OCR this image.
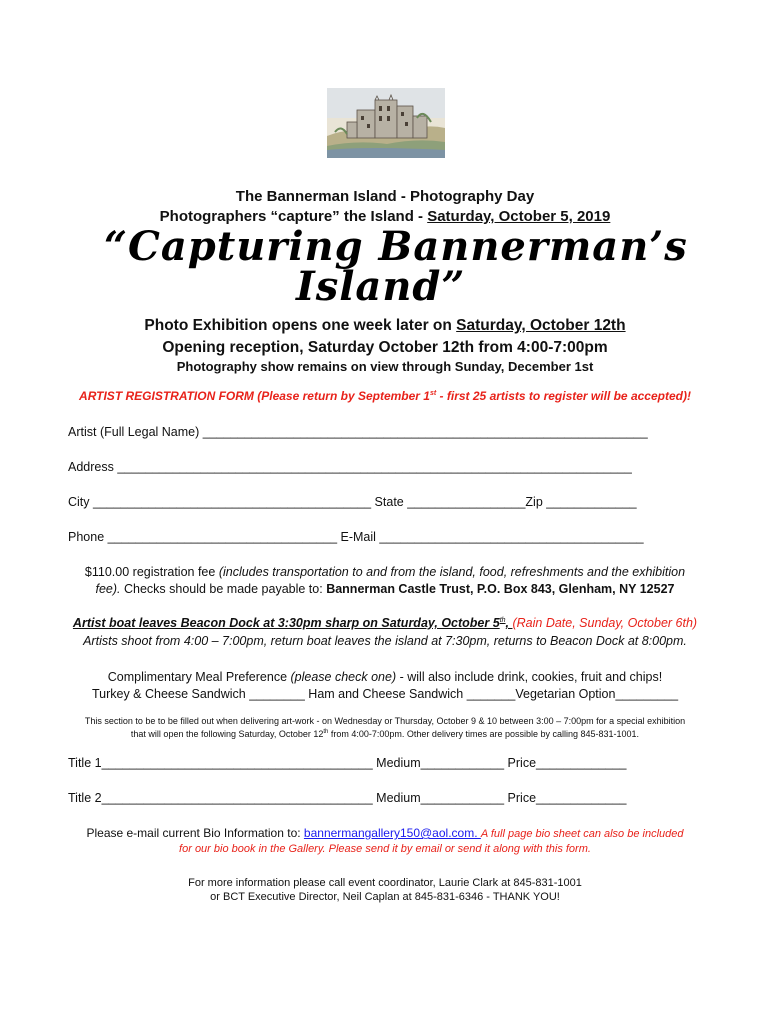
The Bannerman Island - Photography Day
Photographers “capture” the Island - Saturday, October 5, 2019
“Capturing Bannerman’s
Island”
Photo Exhibition opens one week later on Saturday, October 12th
Opening reception, Saturday October 12th from 4:00-7:00pm
Photography show remains on view through Sunday, December 1st
ARTIST REGISTRATION FORM (Please return by September 1st - first 25 artists to register will be accepted)!
Artist (Full Legal Name) ________________________________________________________________
Address __________________________________________________________________________
City ________________________________________ State _________________Zip _____________
Phone _________________________________ E-Mail ______________________________________
$110.00 registration fee (includes transportation to and from the island, food, refreshments and the exhibition
fee). Checks should be made payable to: Bannerman Castle Trust, P.O. Box 843, Glenham, NY 12527
Artist boat leaves Beacon Dock at 3:30pm sharp on Saturday, October 5th, (Rain Date, Sunday, October 6th)
Artists shoot from 4:00 – 7:00pm, return boat leaves the island at 7:30pm, returns to Beacon Dock at 8:00pm.
Complimentary Meal Preference (please check one) - will also include drink, cookies, fruit and chips!
Turkey & Cheese Sandwich ________ Ham and Cheese Sandwich _______Vegetarian Option_________
This section to be to be filled out when delivering art-work - on Wednesday or Thursday, October 9 & 10 between 3:00 – 7:00pm for a special exhibition
that will open the following Saturday, October 12th from 4:00-7:00pm. Other delivery times are possible by calling 845-831-1001.
Title 1_______________________________________ Medium____________ Price_____________
Title 2_______________________________________ Medium____________ Price_____________
Please e-mail current Bio Information to: bannermangallery150@aol.com. A full page bio sheet can also be included
for our bio book in the Gallery. Please send it by email or send it along with this form.
For more information please call event coordinator, Laurie Clark at 845-831-1001
or BCT Executive Director, Neil Caplan at 845-831-6346 - THANK YOU!
